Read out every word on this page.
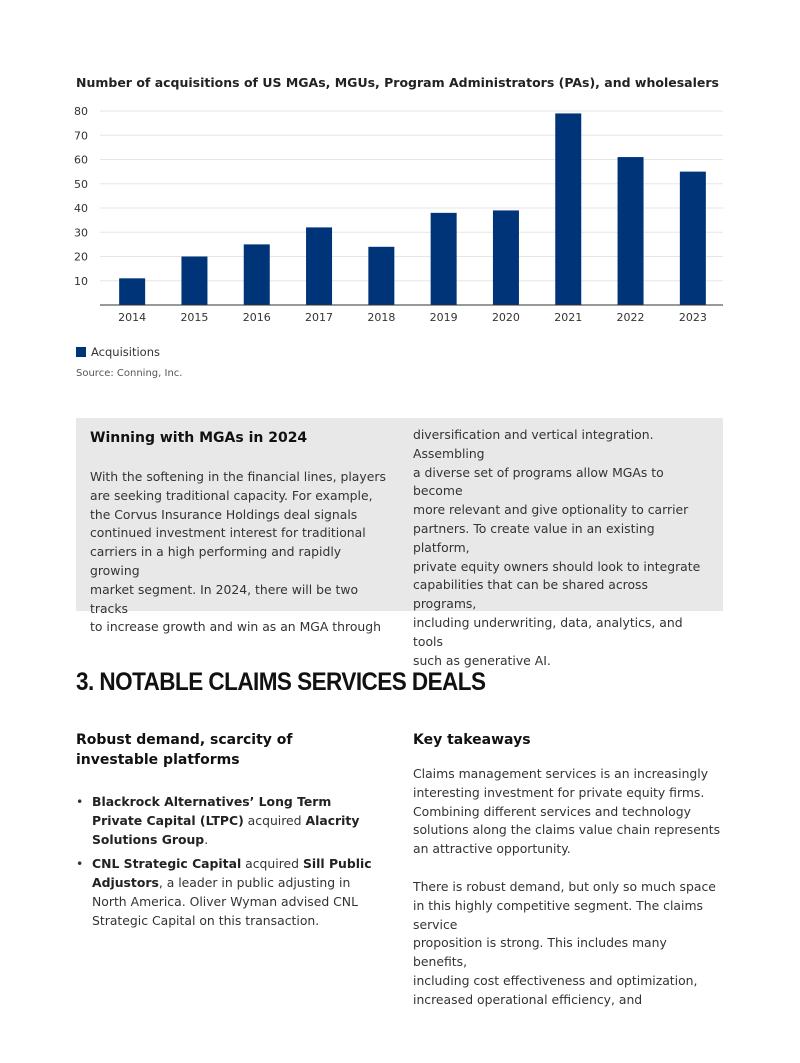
Number of acquisitions of US MGAs, MGUs, Program Administrators (PAs), and wholesalers
10
20
30
40
50
60
70
80
2014	2015	2016	2017	2018	2019	2020	2021	2022	2023
Acquisitions
Source: Conning, Inc.
Winning with MGAs in 2024
With the softening in the financial lines, players
are seeking traditional capacity. For example,
the Corvus Insurance Holdings deal signals
continued investment interest for traditional
carriers in a high performing and rapidly growing
market segment. In 2024, there will be two tracks
to increase growth and win as an MGA through
diversification and vertical integration. Assembling
a diverse set of programs allow MGAs to become
more relevant and give optionality to carrier
partners. To create value in an existing platform,
private equity owners should look to integrate
capabilities that can be shared across programs,
including underwriting, data, analytics, and tools
such as generative AI.
3. NOTABLE CLAIMS SERVICES DEALS
Robust demand, scarcity of
investable platforms
• Blackrock Alternatives’ Long Term Private Capital (LTPC) acquired Alacrity Solutions Group.
• CNL Strategic Capital acquired Sill Public Adjustors, a leader in public adjusting in North America. Oliver Wyman advised CNL Strategic Capital on this transaction.
Key takeaways
Claims management services is an increasingly
interesting investment for private equity firms.
Combining different services and technology
solutions along the claims value chain represents
an attractive opportunity.
There is robust demand, but only so much space
in this highly competitive segment. The claims service
proposition is strong. This includes many benefits,
including cost effectiveness and optimization,
increased operational efficiency, and
